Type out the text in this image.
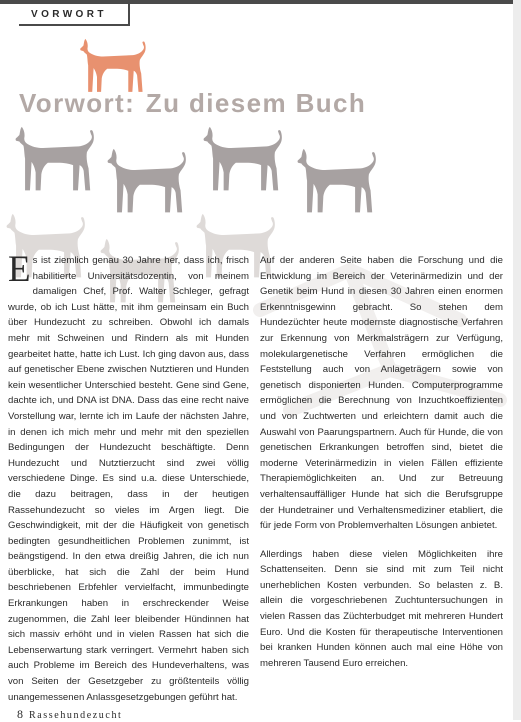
VORWORT
Vorwort: Zu diesem Buch

Es ist ziemlich genau 30 Jahre her, dass ich, frisch habilitierte Universitätsdozentin, von meinem damaligen Chef, Prof. Walter Schleger, gefragt wurde, ob ich Lust hätte, mit ihm gemeinsam ein Buch über Hundezucht zu schreiben. Obwohl ich damals mehr mit Schweinen und Rindern als mit Hunden gearbeitet hatte, hatte ich Lust. Ich ging davon aus, dass auf genetischer Ebene zwischen Nutztieren und Hunden kein wesentlicher Unterschied besteht. Gene sind Gene, dachte ich, und DNA ist DNA. Dass das eine recht naive Vorstellung war, lernte ich im Laufe der nächsten Jahre, in denen ich mich mehr und mehr mit den speziellen Bedingungen der Hundezucht beschäftigte. Denn Hundezucht und Nutztierzucht sind zwei völlig verschiedene Dinge. Es sind u.a. diese Unterschiede, die dazu beitragen, dass in der heutigen Rassehundezucht so vieles im Argen liegt. Die Geschwindigkeit, mit der die Häufigkeit von genetisch bedingten gesundheitlichen Problemen zunimmt, ist beängstigend. In den etwa dreißig Jahren, die ich nun überblicke, hat sich die Zahl der beim Hund beschriebenen Erbfehler vervielfacht, immunbedingte Erkrankungen haben in erschreckender Weise zugenommen, die Zahl leer bleibender Hündinnen hat sich massiv erhöht und in vielen Rassen hat sich die Lebenserwartung stark verringert. Vermehrt haben sich auch Probleme im Bereich des Hundeverhaltens, was von Seiten der Gesetzgeber zu größtenteils völlig unangemessenen Anlassgesetzgebungen geführt hat.

Auf der anderen Seite haben die Forschung und die Entwicklung im Bereich der Veterinärmedizin und der Genetik beim Hund in diesen 30 Jahren einen enormen Erkenntnisgewinn gebracht. So stehen dem Hundezüchter heute modernste diagnostische Verfahren zur Erkennung von Merkmalsträgern zur Verfügung, molekulargenetische Verfahren ermöglichen die Feststellung auch von Anlageträgern sowie von genetisch disponierten Hunden. Computerprogramme ermöglichen die Berechnung von Inzuchtkoeffizienten und von Zuchtwerten und erleichtern damit auch die Auswahl von Paarungspartnern. Auch für Hunde, die von genetischen Erkrankungen betroffen sind, bietet die moderne Veterinärmedizin in vielen Fällen effiziente Therapiemöglichkeiten an. Und zur Betreuung verhaltensauffälliger Hunde hat sich die Berufsgruppe der Hundetrainer und Verhaltensmediziner etabliert, die für jede Form von Problemverhalten Lösungen anbietet.

Allerdings haben diese vielen Möglichkeiten ihre Schattenseiten. Denn sie sind mit zum Teil nicht unerheblichen Kosten verbunden. So belasten z. B. allein die vorgeschriebenen Zuchtuntersuchungen in vielen Rassen das Züchterbudget mit mehreren Hundert Euro. Und die Kosten für therapeutische Interventionen bei kranken Hunden können auch mal eine Höhe von mehreren Tausend Euro erreichen.

8 Rassehundezucht
